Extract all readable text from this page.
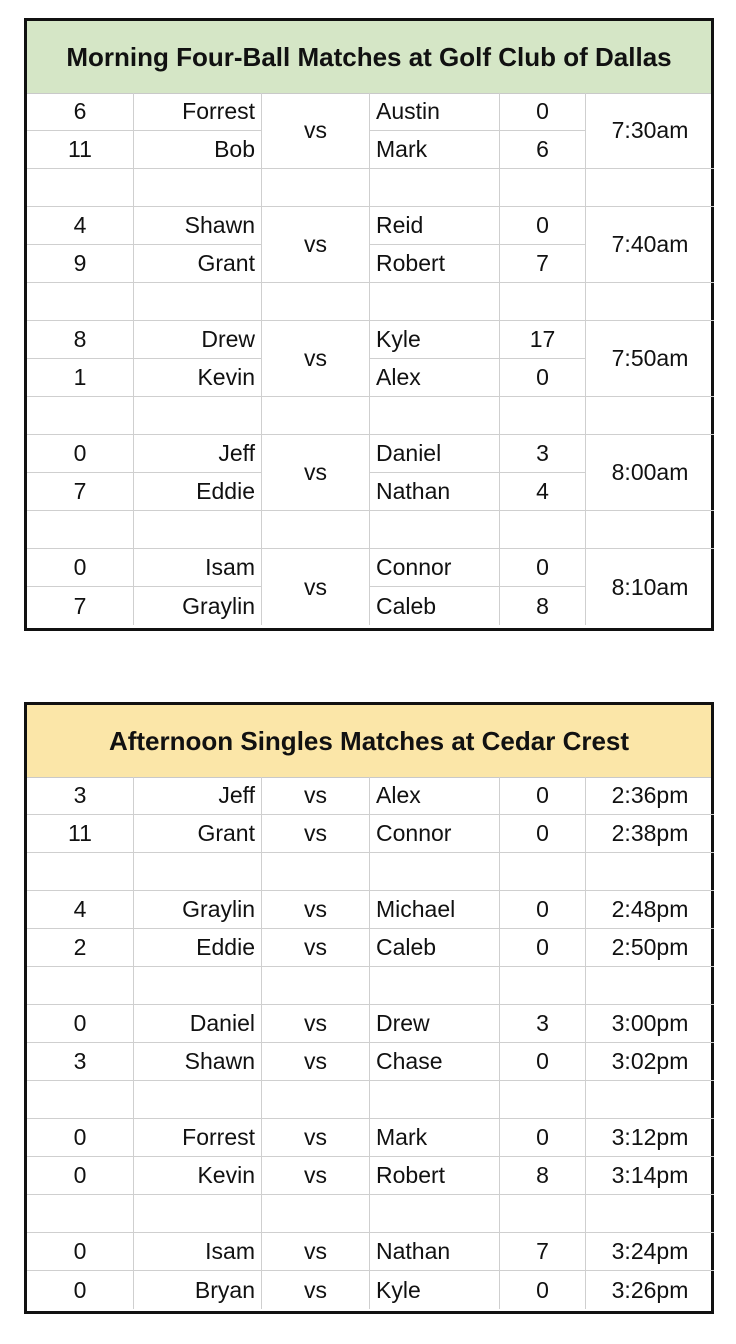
Morning Four-Ball Matches at Golf Club of Dallas
6	Forrest	Austin	0
11	Bob	Mark	6
vs	7:30am
4	Shawn	Reid	0
9	Grant	Robert	7
vs	7:40am
8	Drew	Kyle	17
1	Kevin	Alex	0
vs	7:50am
0	Jeff	Daniel	3
7	Eddie	Nathan	4
vs	8:00am
0	Isam	Connor	0
7	Graylin	Caleb	8
vs	8:10am
Afternoon Singles Matches at Cedar Crest
3	Jeff	vs	Alex	0	2:36pm
11	Grant	vs	Connor	0	2:38pm
4	Graylin	vs	Michael	0	2:48pm
2	Eddie	vs	Caleb	0	2:50pm
0	Daniel	vs	Drew	3	3:00pm
3	Shawn	vs	Chase	0	3:02pm
0	Forrest	vs	Mark	0	3:12pm
0	Kevin	vs	Robert	8	3:14pm
0	Isam	vs	Nathan	7	3:24pm
0	Bryan	vs	Kyle	0	3:26pm
